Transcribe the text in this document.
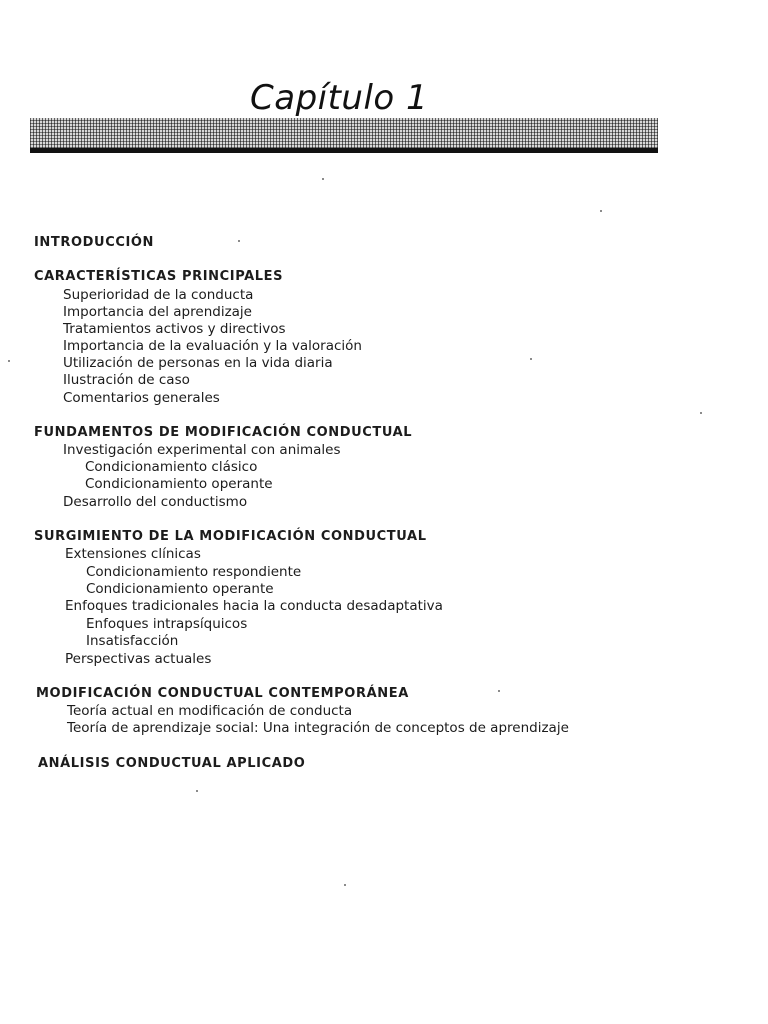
Capítulo 1
INTRODUCCIÓN
CARACTERÍSTICAS PRINCIPALES
Superioridad de la conducta
Importancia del aprendizaje
Tratamientos activos y directivos
Importancia de la evaluación y la valoración
Utilización de personas en la vida diaria
Ilustración de caso
Comentarios generales
FUNDAMENTOS DE MODIFICACIÓN CONDUCTUAL
Investigación experimental con animales
Condicionamiento clásico
Condicionamiento operante
Desarrollo del conductismo
SURGIMIENTO DE LA MODIFICACIÓN CONDUCTUAL
Extensiones clínicas
Condicionamiento respondiente
Condicionamiento operante
Enfoques tradicionales hacia la conducta desadaptativa
Enfoques intrapsíquicos
Insatisfacción
Perspectivas actuales
MODIFICACIÓN CONDUCTUAL CONTEMPORÁNEA
Teoría actual en modificación de conducta
Teoría de aprendizaje social: Una integración de conceptos de aprendizaje
ANÁLISIS CONDUCTUAL APLICADO
